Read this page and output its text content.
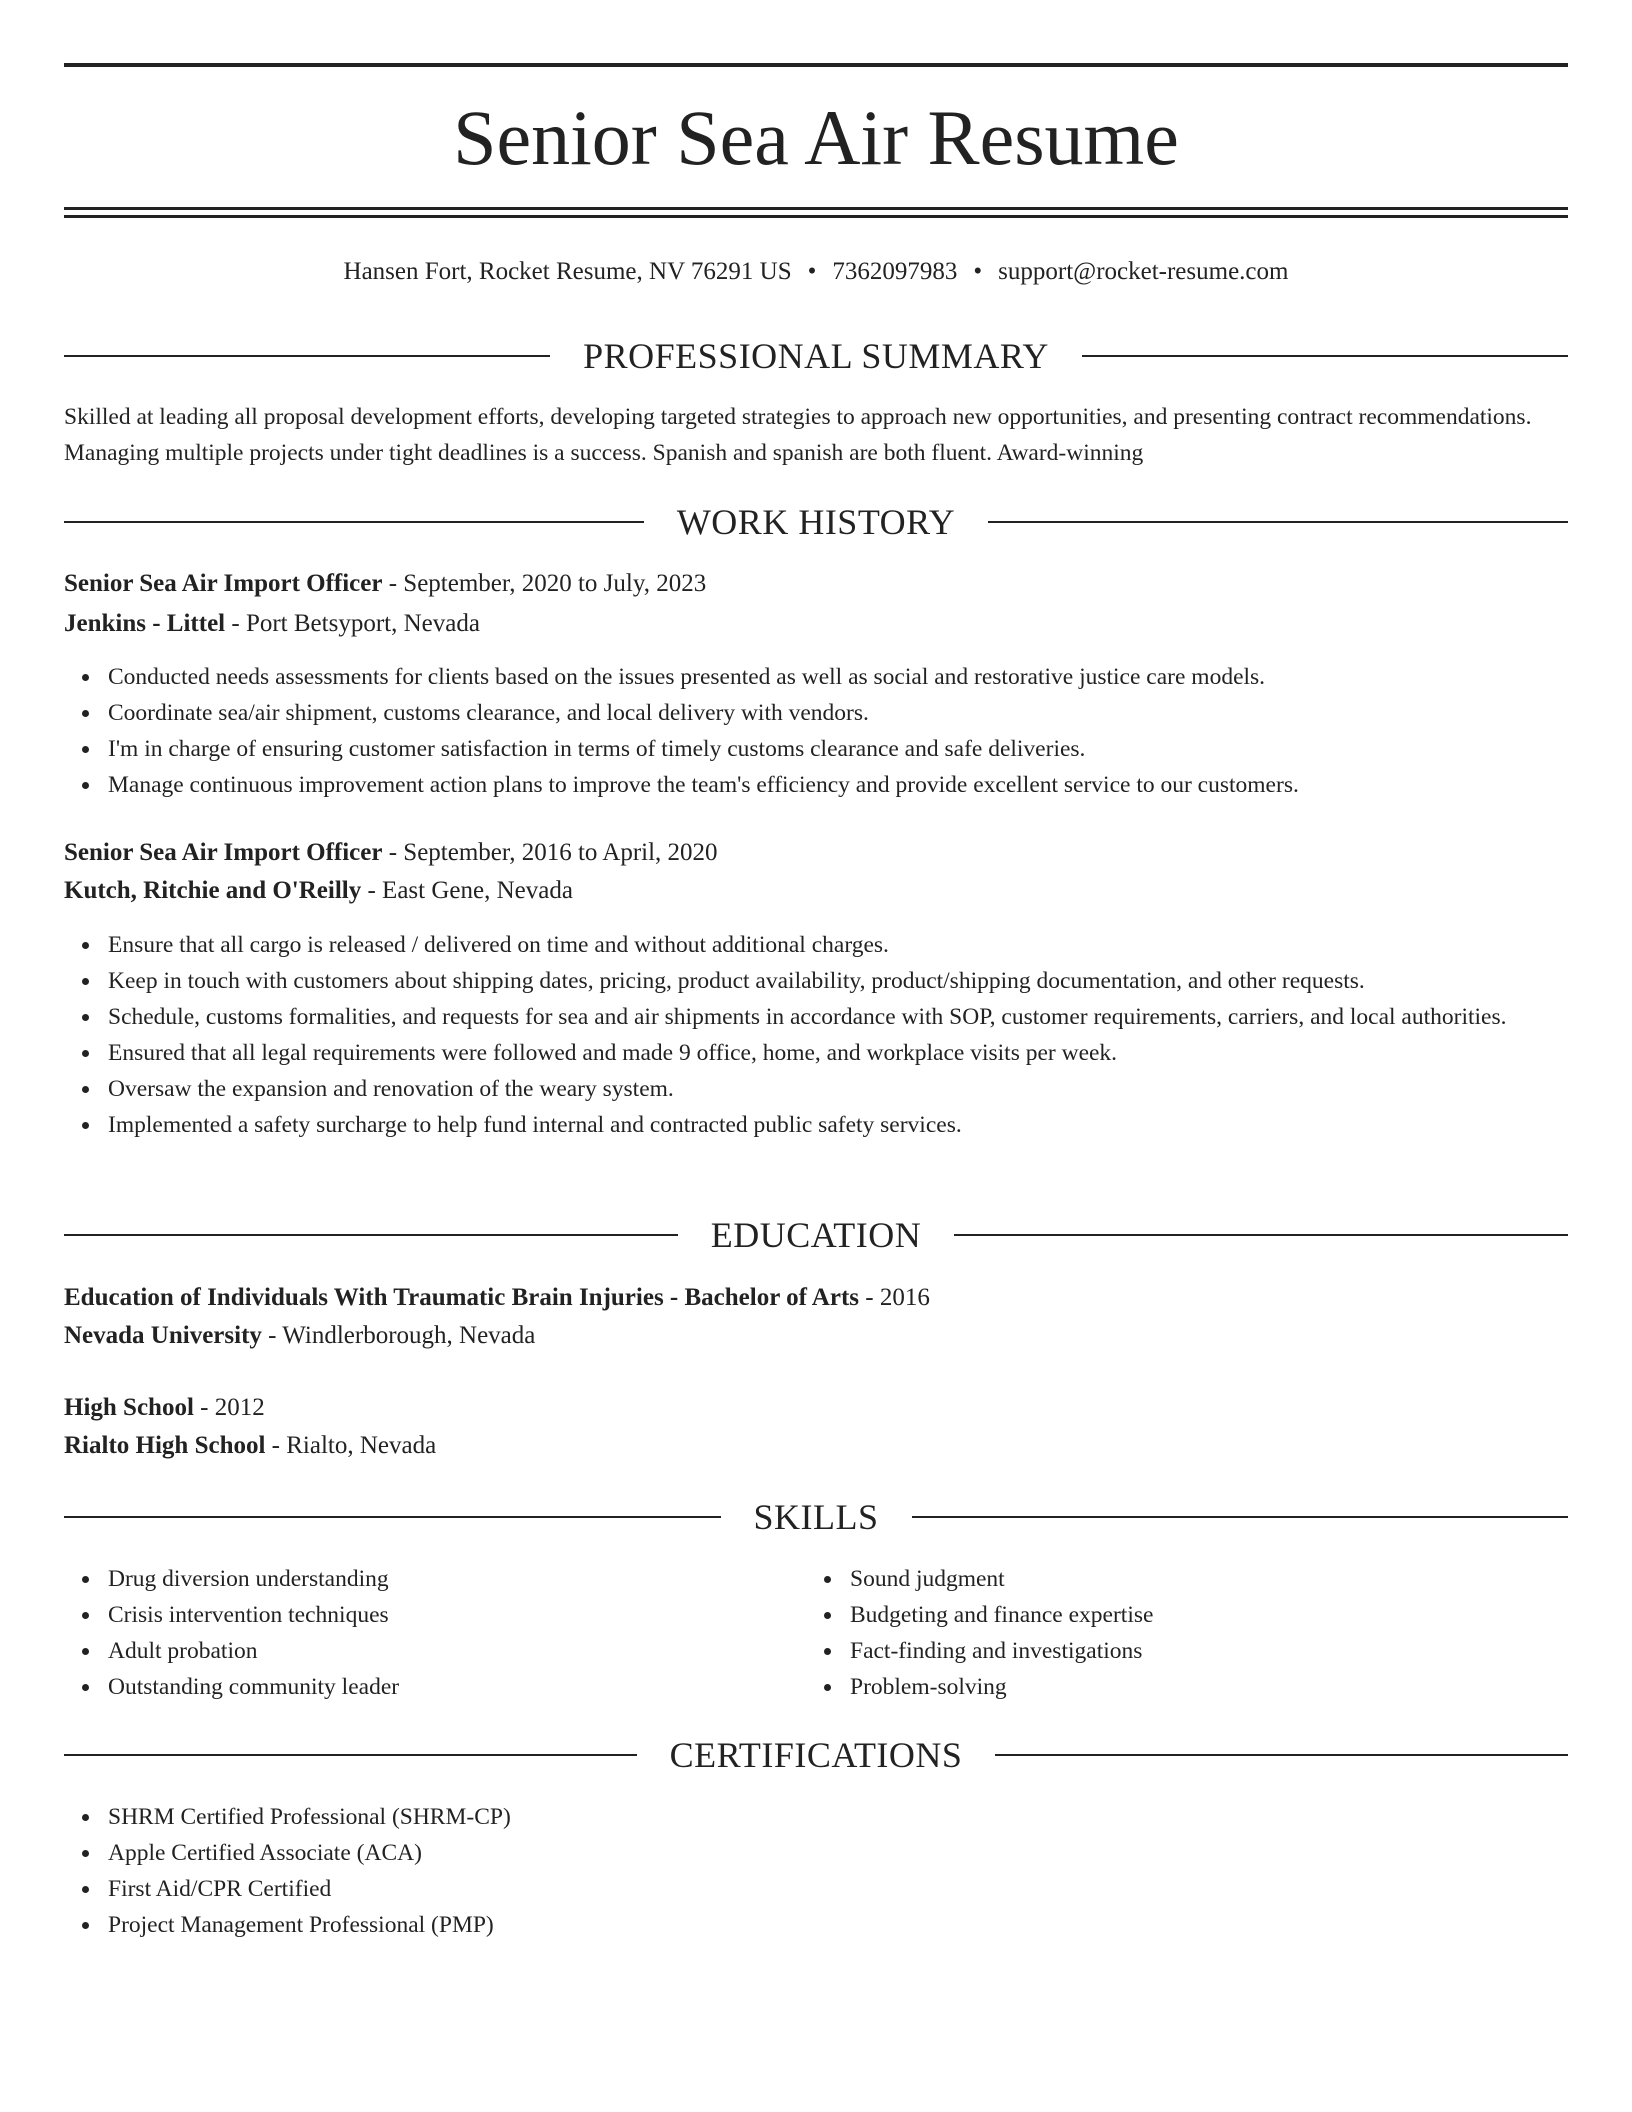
Senior Sea Air Resume
Hansen Fort, Rocket Resume, NV 76291 US • 7362097983 • support@rocket-resume.com
PROFESSIONAL SUMMARY
Skilled at leading all proposal development efforts, developing targeted strategies to approach new opportunities, and presenting contract recommendations. Managing multiple projects under tight deadlines is a success. Spanish and spanish are both fluent. Award-winning
WORK HISTORY
Senior Sea Air Import Officer - September, 2020 to July, 2023
Jenkins - Littel - Port Betsyport, Nevada
Conducted needs assessments for clients based on the issues presented as well as social and restorative justice care models.
Coordinate sea/air shipment, customs clearance, and local delivery with vendors.
I'm in charge of ensuring customer satisfaction in terms of timely customs clearance and safe deliveries.
Manage continuous improvement action plans to improve the team's efficiency and provide excellent service to our customers.
Senior Sea Air Import Officer - September, 2016 to April, 2020
Kutch, Ritchie and O'Reilly - East Gene, Nevada
Ensure that all cargo is released / delivered on time and without additional charges.
Keep in touch with customers about shipping dates, pricing, product availability, product/shipping documentation, and other requests.
Schedule, customs formalities, and requests for sea and air shipments in accordance with SOP, customer requirements, carriers, and local authorities.
Ensured that all legal requirements were followed and made 9 office, home, and workplace visits per week.
Oversaw the expansion and renovation of the weary system.
Implemented a safety surcharge to help fund internal and contracted public safety services.
EDUCATION
Education of Individuals With Traumatic Brain Injuries - Bachelor of Arts - 2016
Nevada University - Windlerborough, Nevada
High School - 2012
Rialto High School - Rialto, Nevada
SKILLS
Drug diversion understanding
Crisis intervention techniques
Adult probation
Outstanding community leader
Sound judgment
Budgeting and finance expertise
Fact-finding and investigations
Problem-solving
CERTIFICATIONS
SHRM Certified Professional (SHRM-CP)
Apple Certified Associate (ACA)
First Aid/CPR Certified
Project Management Professional (PMP)
